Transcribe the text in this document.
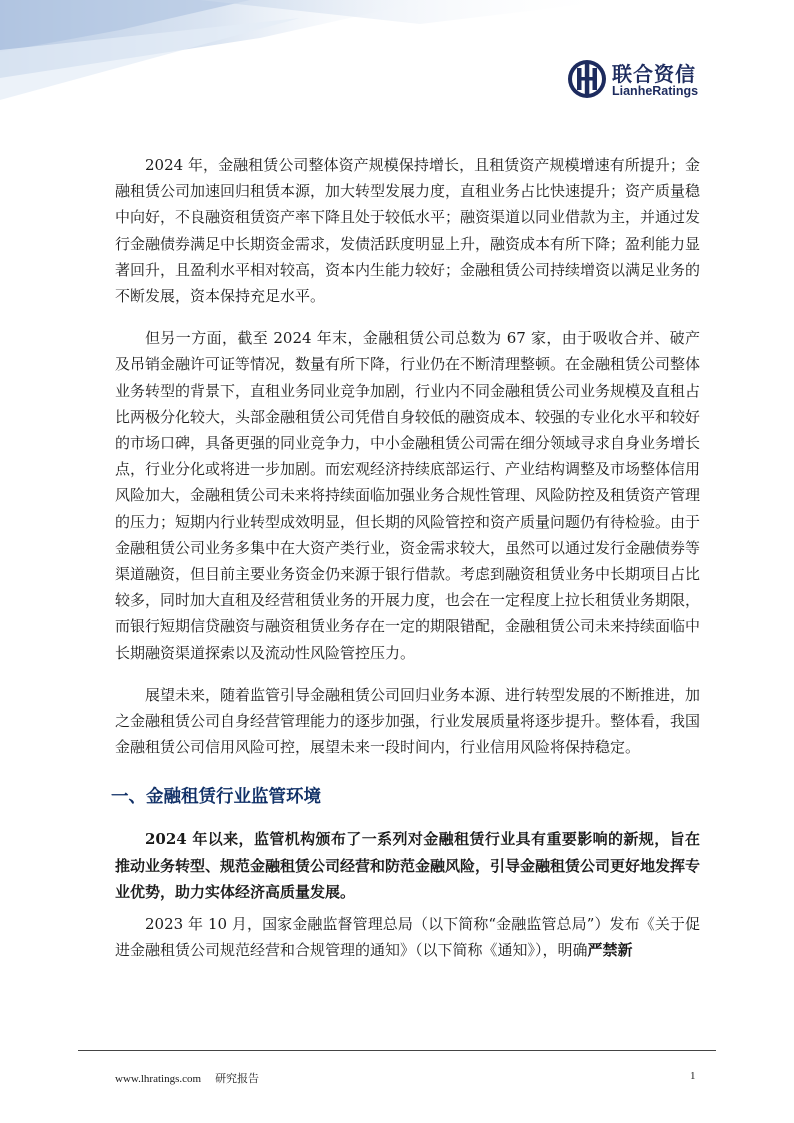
联合资信
LianheRatings

2024 年，金融租赁公司整体资产规模保持增长，且租赁资产规模增速有所提升；金融租赁公司加速回归租赁本源，加大转型发展力度，直租业务占比快速提升；资产质量稳中向好，不良融资租赁资产率下降且处于较低水平；融资渠道以同业借款为主，并通过发行金融债券满足中长期资金需求，发债活跃度明显上升，融资成本有所下降；盈利能力显著回升，且盈利水平相对较高，资本内生能力较好；金融租赁公司持续增资以满足业务的不断发展，资本保持充足水平。

但另一方面，截至 2024 年末，金融租赁公司总数为 67 家，由于吸收合并、破产及吊销金融许可证等情况，数量有所下降，行业仍在不断清理整顿。在金融租赁公司整体业务转型的背景下，直租业务同业竞争加剧，行业内不同金融租赁公司业务规模及直租占比两极分化较大，头部金融租赁公司凭借自身较低的融资成本、较强的专业化水平和较好的市场口碑，具备更强的同业竞争力，中小金融租赁公司需在细分领域寻求自身业务增长点，行业分化或将进一步加剧。而宏观经济持续底部运行、产业结构调整及市场整体信用风险加大，金融租赁公司未来将持续面临加强业务合规性管理、风险防控及租赁资产管理的压力；短期内行业转型成效明显，但长期的风险管控和资产质量问题仍有待检验。由于金融租赁公司业务多集中在大资产类行业，资金需求较大，虽然可以通过发行金融债券等渠道融资，但目前主要业务资金仍来源于银行借款。考虑到融资租赁业务中长期项目占比较多，同时加大直租及经营租赁业务的开展力度，也会在一定程度上拉长租赁业务期限，而银行短期信贷融资与融资租赁业务存在一定的期限错配，金融租赁公司未来持续面临中长期融资渠道探索以及流动性风险管控压力。

展望未来，随着监管引导金融租赁公司回归业务本源、进行转型发展的不断推进，加之金融租赁公司自身经营管理能力的逐步加强，行业发展质量将逐步提升。整体看，我国金融租赁公司信用风险可控，展望未来一段时间内，行业信用风险将保持稳定。

一、金融租赁行业监管环境

2024 年以来，监管机构颁布了一系列对金融租赁行业具有重要影响的新规，旨在推动业务转型、规范金融租赁公司经营和防范金融风险，引导金融租赁公司更好地发挥专业优势，助力实体经济高质量发展。

2023 年 10 月，国家金融监督管理总局（以下简称“金融监管总局”）发布《关于促进金融租赁公司规范经营和合规管理的通知》（以下简称《通知》），明确严禁新

www.lhratings.com 研究报告	1
